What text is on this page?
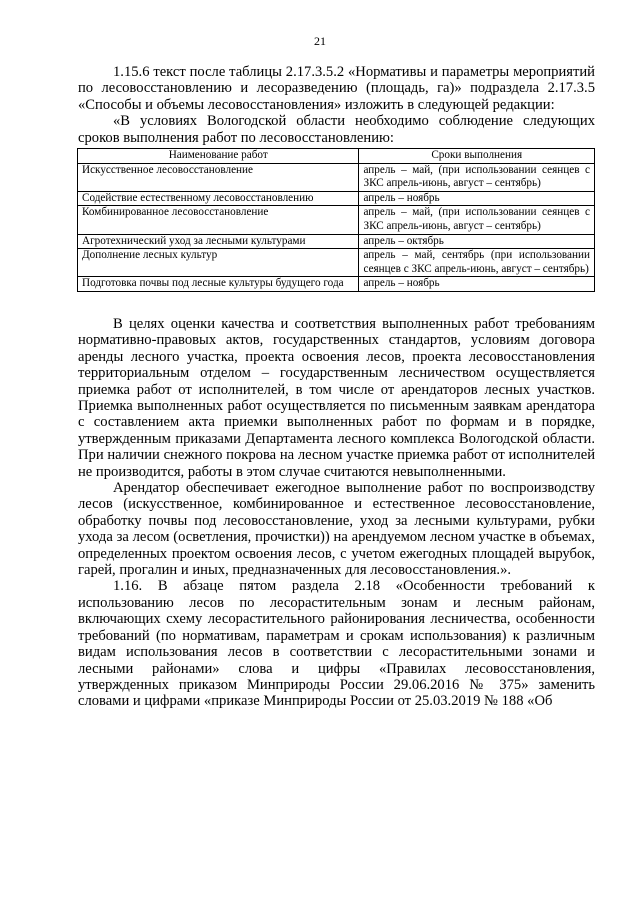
21

1.15.6 текст после таблицы 2.17.3.5.2 «Нормативы и параметры мероприятий по лесовосстановлению и лесоразведению (площадь, га)» подраздела 2.17.3.5 «Способы и объемы лесовосстановления» изложить в следующей редакции:

«В условиях Вологодской области необходимо соблюдение следующих сроков выполнения работ по лесовосстановлению:

Наименование работ	Сроки выполнения
Искусственное лесовосстановление	апрель – май, (при использовании сеянцев с ЗКС апрель-июнь, август – сентябрь)
Содействие естественному лесовосстановлению	апрель – ноябрь
Комбинированное лесовосстановление	апрель – май, (при использовании сеянцев с ЗКС апрель-июнь, август – сентябрь)
Агротехнический уход за лесными культурами	апрель – октябрь
Дополнение лесных культур	апрель – май, сентябрь (при использовании сеянцев с ЗКС апрель-июнь, август – сентябрь)
Подготовка почвы под лесные культуры будущего года	апрель – ноябрь

В целях оценки качества и соответствия выполненных работ требованиям нормативно-правовых актов, государственных стандартов, условиям договора аренды лесного участка, проекта освоения лесов, проекта лесовосстановления территориальным отделом – государственным лесничеством осуществляется приемка работ от исполнителей, в том числе от арендаторов лесных участков. Приемка выполненных работ осуществляется по письменным заявкам арендатора с составлением акта приемки выполненных работ по формам и в порядке, утвержденным приказами Департамента лесного комплекса Вологодской области. При наличии снежного покрова на лесном участке приемка работ от исполнителей не производится, работы в этом случае считаются невыполненными.

Арендатор обеспечивает ежегодное выполнение работ по воспроизводству лесов (искусственное, комбинированное и естественное лесовосстановление, обработку почвы под лесовосстановление, уход за лесными культурами, рубки ухода за лесом (осветления, прочистки)) на арендуемом лесном участке в объемах, определенных проектом освоения лесов, с учетом ежегодных площадей вырубок, гарей, прогалин и иных, предназначенных для лесовосстановления.».

1.16. В абзаце пятом раздела 2.18 «Особенности требований к использованию лесов по лесорастительным зонам и лесным районам, включающих схему лесорастительного районирования лесничества, особенности требований (по нормативам, параметрам и срокам использования) к различным видам использования лесов в соответствии с лесорастительными зонами и лесными районами» слова и цифры «Правилах лесовосстановления, утвержденных приказом Минприроды России 29.06.2016 № 375» заменить словами и цифрами «приказе Минприроды России от 25.03.2019 № 188 «Об
